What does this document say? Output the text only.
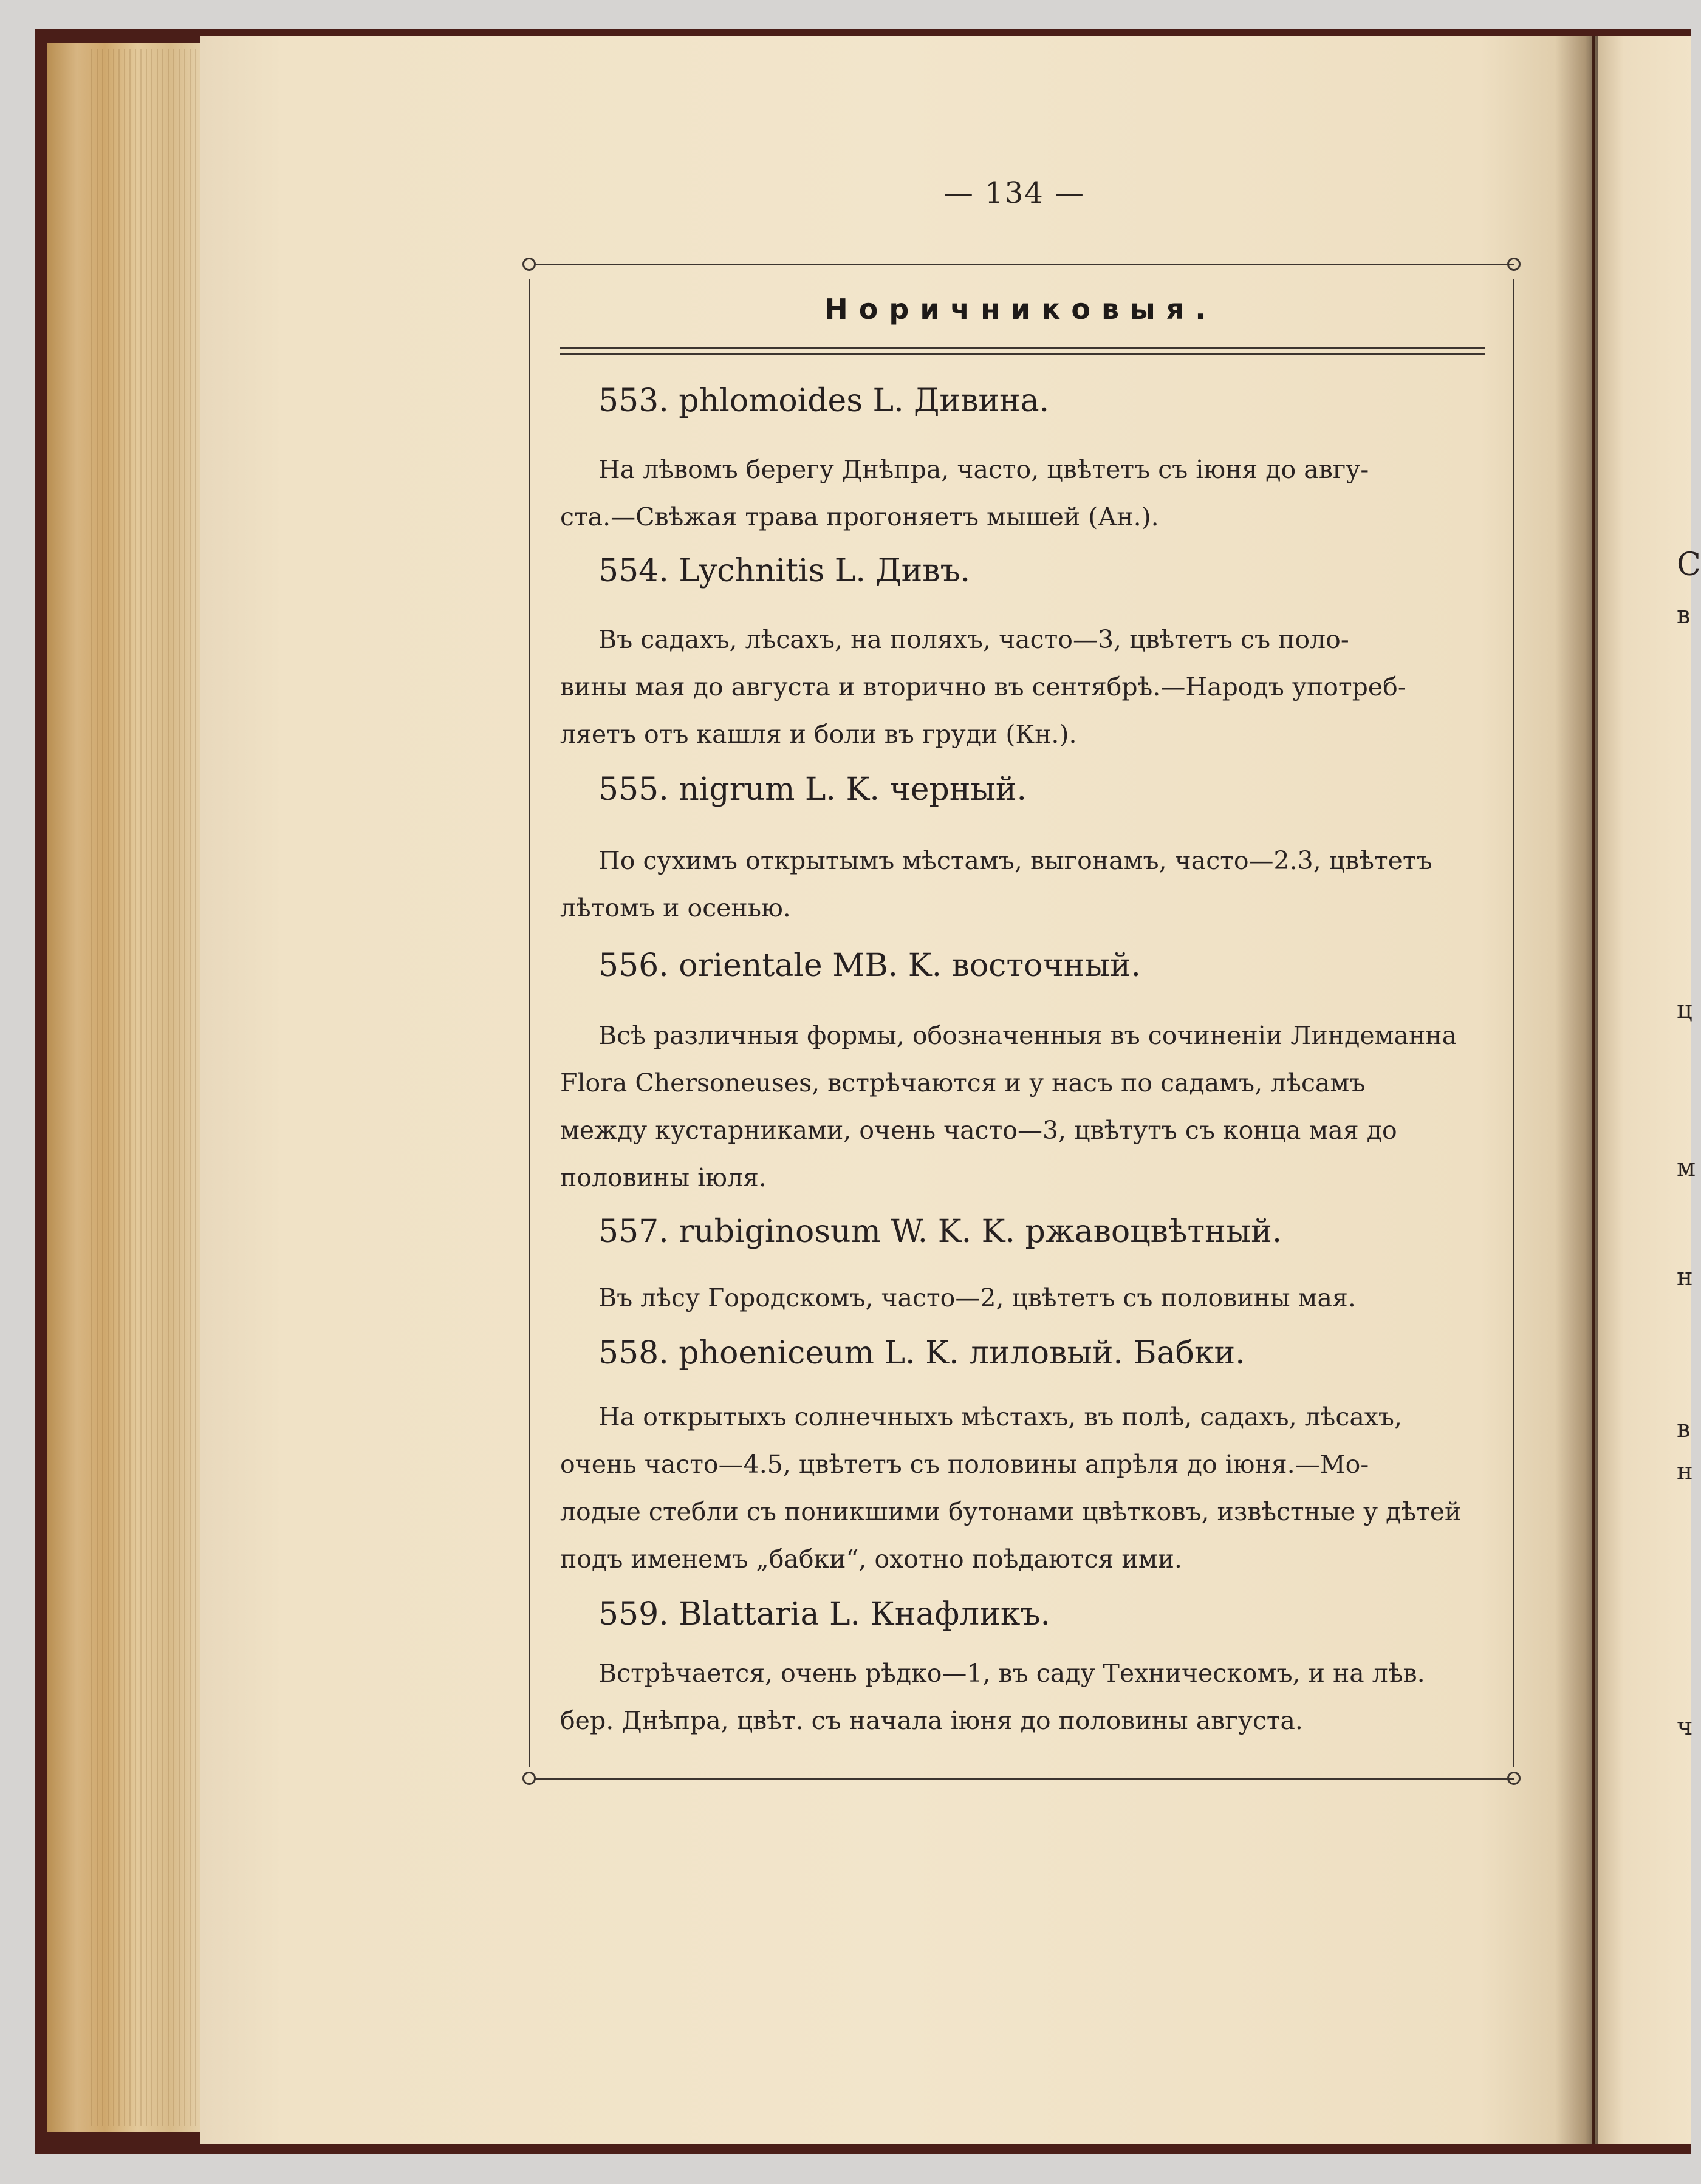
— 134 —
Норичниковыя.
553. phlomoides L. Дивина.
На лѣвомъ берегу Днѣпра, часто, цвѣтетъ съ іюня до авгу-
ста.—Свѣжая трава прогоняетъ мышей (Ан.).
554. Lychnitis L. Дивъ.
Въ садахъ, лѣсахъ, на поляхъ, часто—3, цвѣтетъ съ поло-
вины мая до августа и вторично въ сентябрѣ.—Народъ употреб-
ляетъ отъ кашля и боли въ груди (Кн.).
555. nigrum L. K. черный.
По сухимъ открытымъ мѣстамъ, выгонамъ, часто—2.3, цвѣтетъ
лѣтомъ и осенью.
556. orientale MB. K. восточный.
Всѣ различныя формы, обозначенныя въ сочиненіи Линдеманна
Flora Chersoneuses, встрѣчаются и у насъ по садамъ, лѣсамъ
между кустарниками, очень часто—3, цвѣтутъ съ конца мая до
половины іюля.
557. rubiginosum W. K. K. ржавоцвѣтный.
Въ лѣсу Городскомъ, часто—2, цвѣтетъ съ половины мая.
558. phoeniceum L. K. лиловый. Бабки.
На открытыхъ солнечныхъ мѣстахъ, въ полѣ, садахъ, лѣсахъ,
очень часто—4.5, цвѣтетъ съ половины апрѣля до іюня.—Мо-
лодые стебли съ поникшими бутонами цвѣтковъ, извѣстные у дѣтей
подъ именемъ „бабки“, охотно поѣдаются ими.
559. Blattaria L. Кнафликъ.
Встрѣчается, очень рѣдко—1, въ саду Техническомъ, и на лѣв.
бер. Днѣпра, цвѣт. съ начала іюня до половины августа.
С
в
ц
м
н
в
н
ч
